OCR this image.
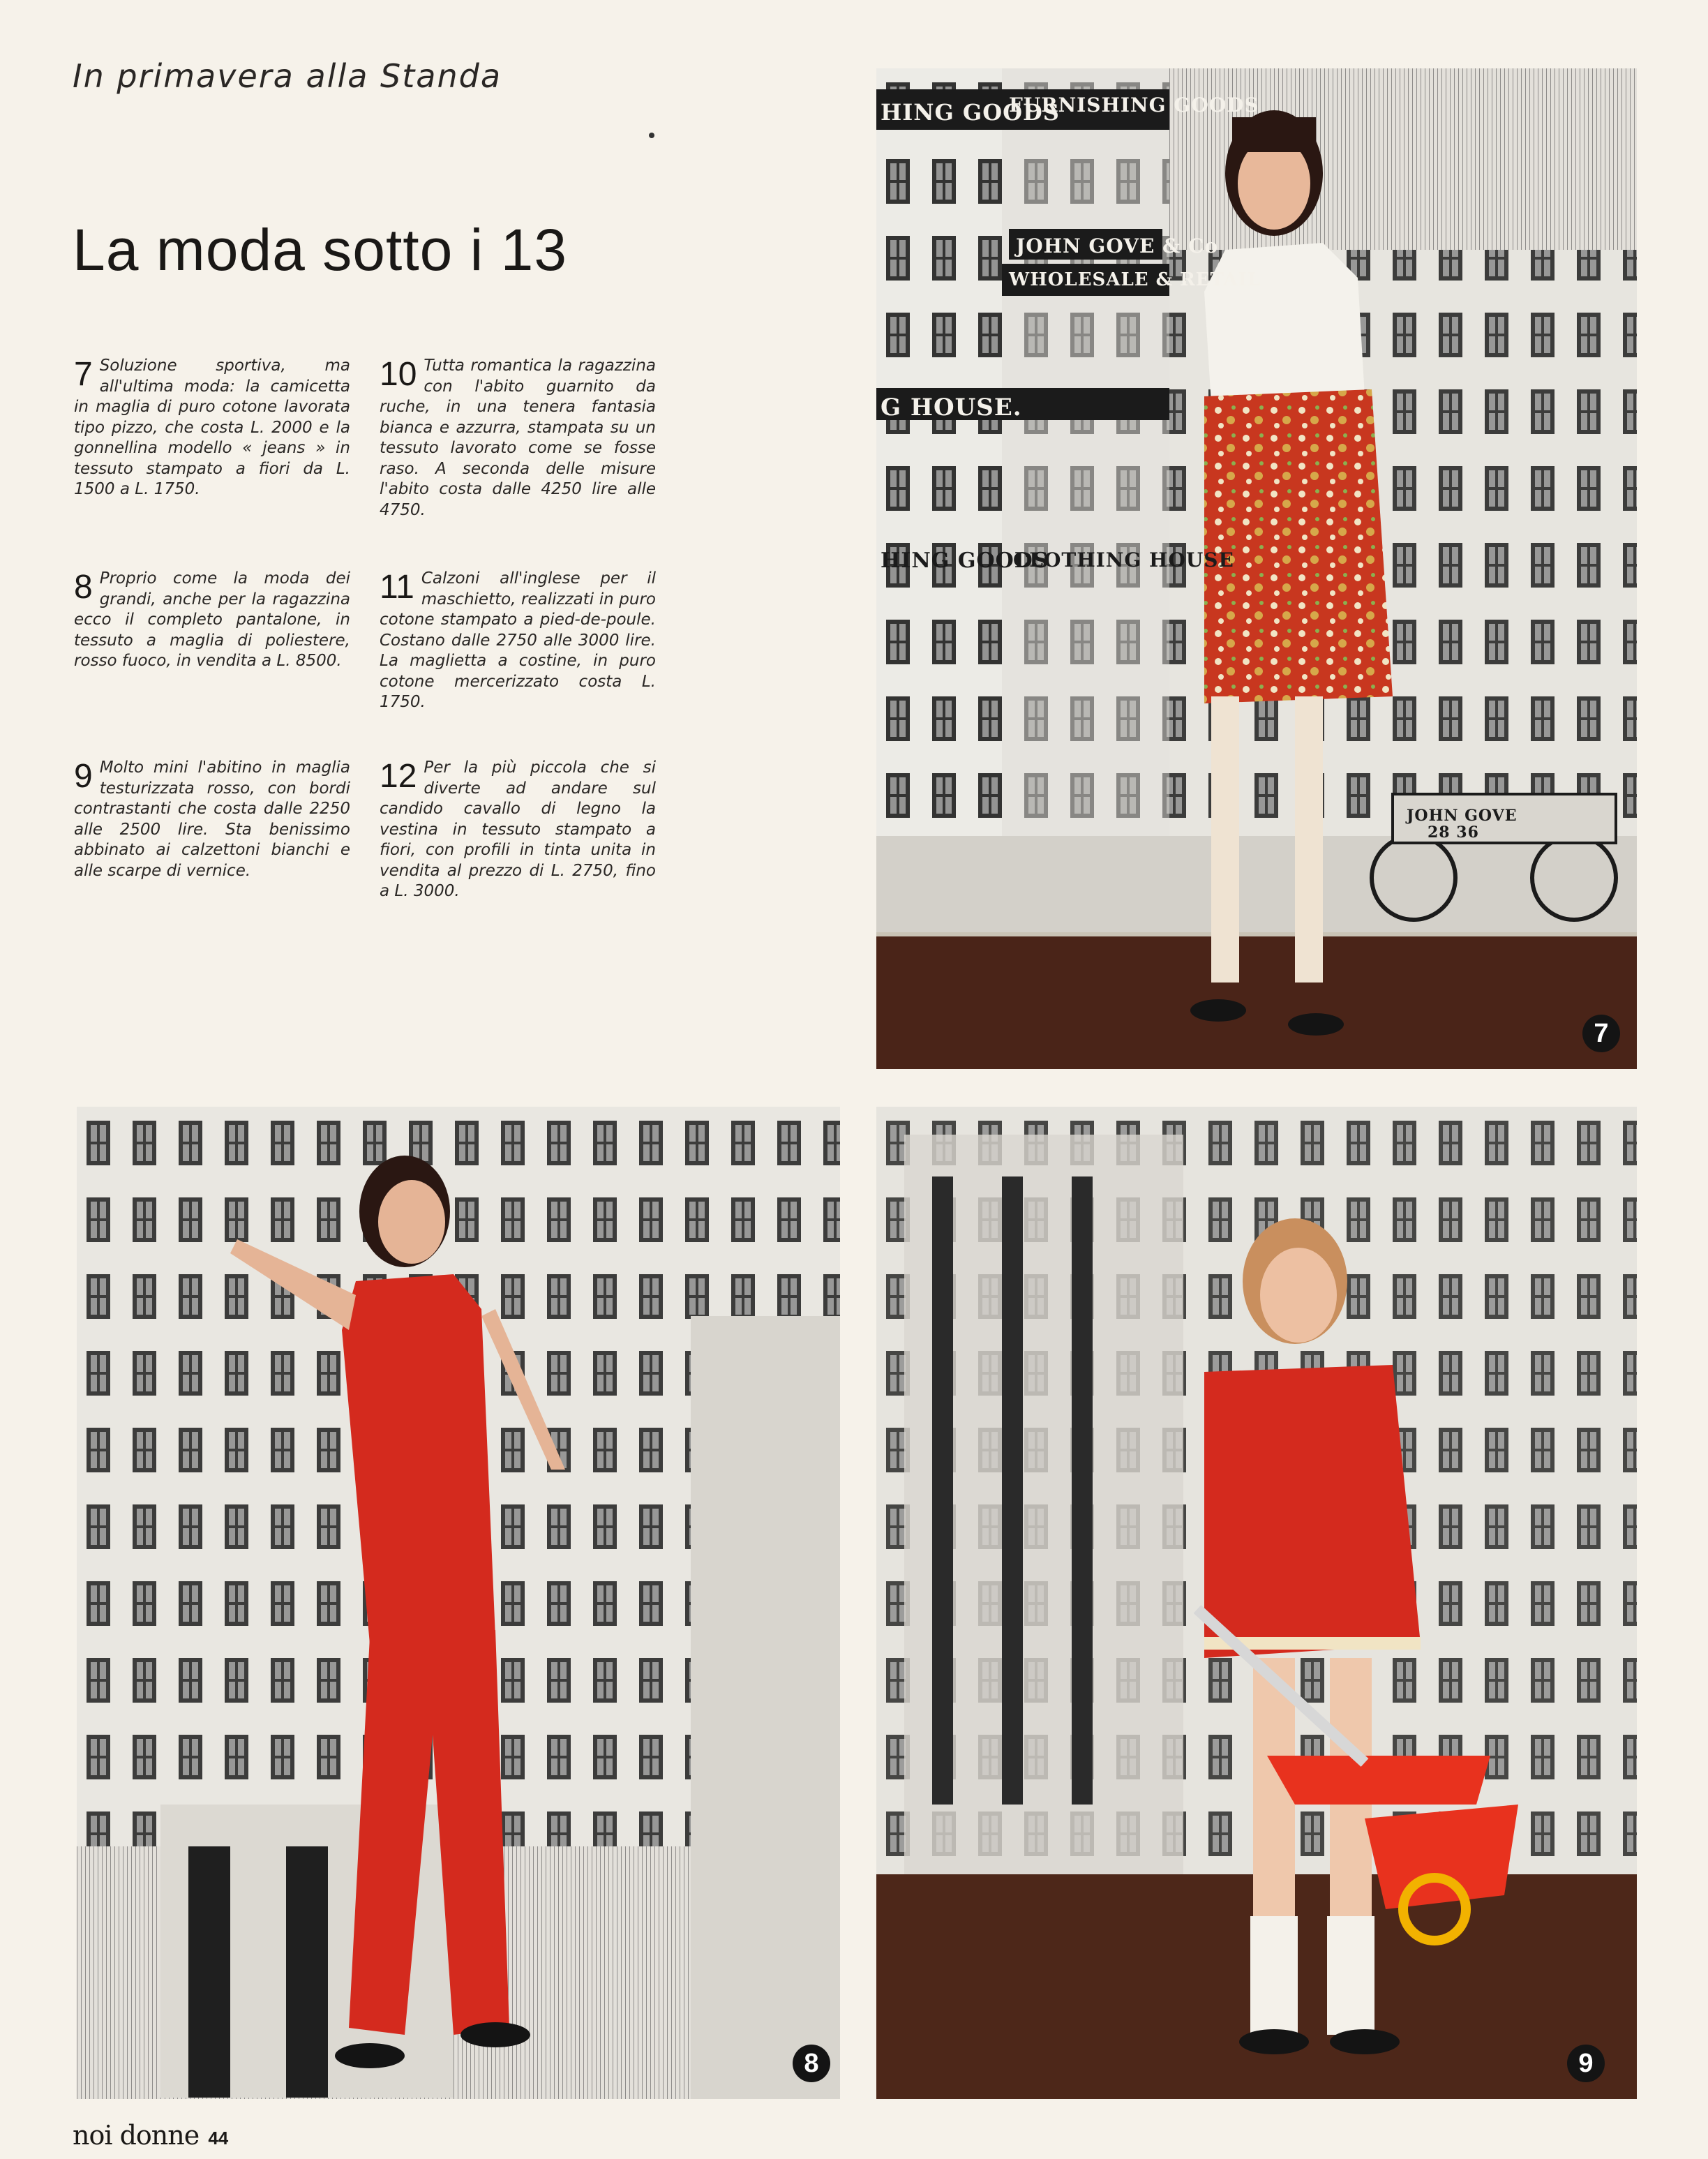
In primavera alla Standa
La moda sotto i 13
7 Soluzione sportiva, ma all'ultima moda: la camicetta in maglia di puro cotone lavorata tipo pizzo, che costa L. 2000 e la gonnellina modello « jeans » in tessuto stampato a fiori da L. 1500 a L. 1750.
8 Proprio come la moda dei grandi, anche per la ragazzina ecco il completo pantalone, in tessuto a maglia di poliestere, rosso fuoco, in vendita a L. 8500.
9 Molto mini l'abitino in maglia testurizzata rosso, con bordi contrastanti che costa dalle 2250 alle 2500 lire. Sta benissimo abbinato ai calzettoni bianchi e alle scarpe di vernice.
10 Tutta romantica la ragazzina con l'abito guarnito da ruche, in una tenera fantasia bianca e azzurra, stampata su un tessuto lavorato come se fosse raso. A seconda delle misure l'abito costa dalle 4250 lire alle 4750.
11 Calzoni all'inglese per il maschietto, realizzati in puro cotone stampato a pied-de-poule. Costano dalle 2750 alle 3000 lire. La maglietta a costine, in puro cotone mercerizzato costa L. 1750.
12 Per la più piccola che si diverte ad andare sul candido cavallo di legno la vestina in tessuto stampato a fiori, con profili in tinta unita in vendita al prezzo di L. 2750, fino a L. 3000.
HING GOODS
FURNISHING GOODS
JOHN GOVE & Co
G HOUSE.
WHOLESALE & RETAIL
HING GOODS
CLOTHING HOUSE
JOHN GOVE
28 36
7
8	9
noi donne 44
